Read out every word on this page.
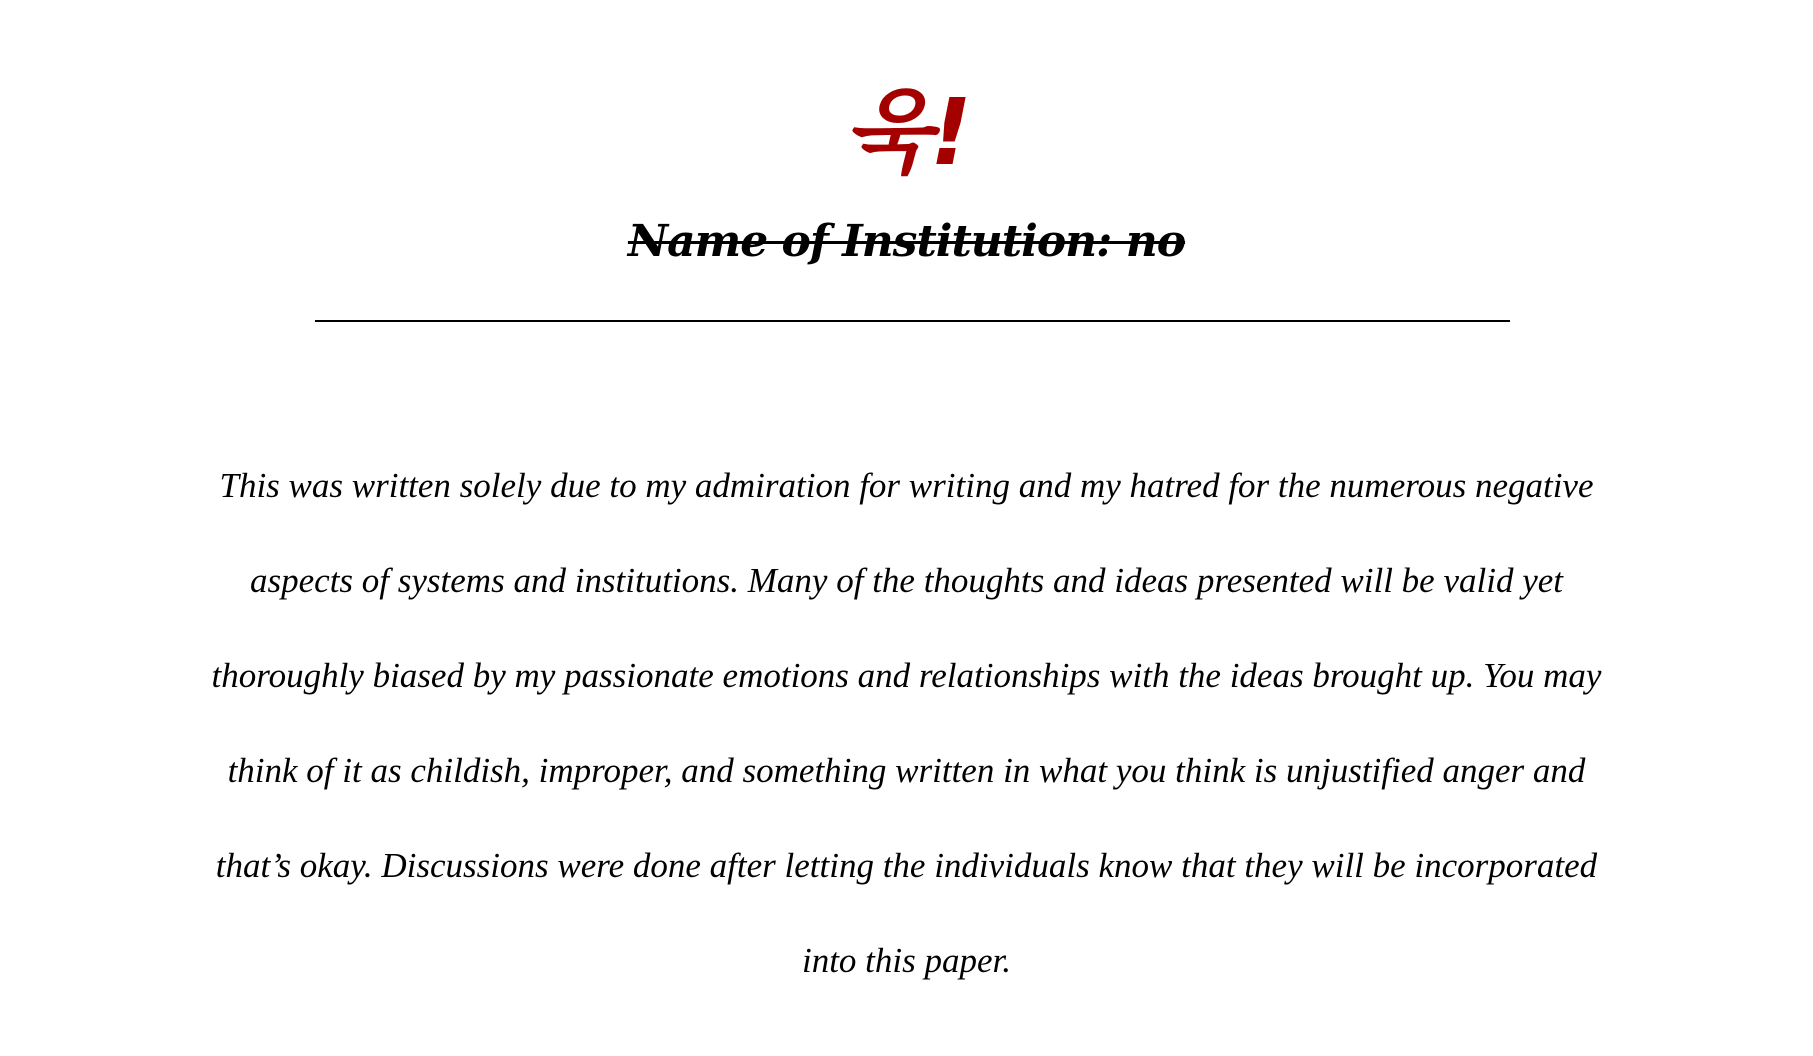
욱!
Name of Institution: no
This was written solely due to my admiration for writing and my hatred for the numerous negative aspects of systems and institutions. Many of the thoughts and ideas presented will be valid yet thoroughly biased by my passionate emotions and relationships with the ideas brought up. You may think of it as childish, improper, and something written in what you think is unjustified anger and that’s okay. Discussions were done after letting the individuals know that they will be incorporated into this paper.
